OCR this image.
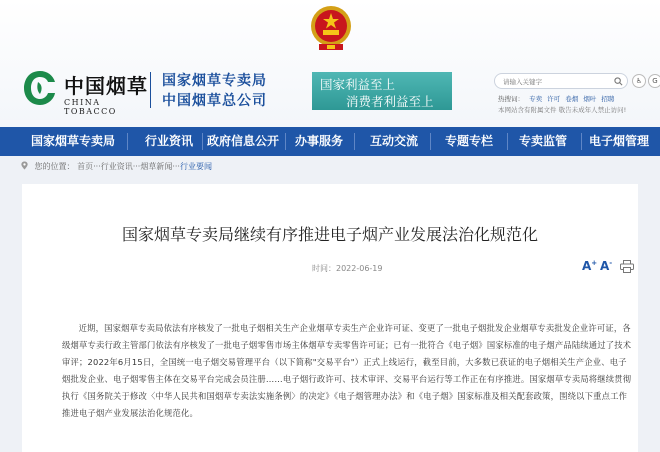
中国烟草
CHINA TOBACCO
国家烟草专卖局
中国烟草总公司
国家利益至上
消费者利益至上
请输入关键字
♿	G
热搜词： 专卖 许可 卷烟 烟叶 招聘
本网站含有附属文件 敬告未成年人禁止访问!
国家烟草专卖局 行业资讯 政府信息公开 办事服务 互动交流 专题专栏 专卖监管 电子烟管理
您的位置： 首页···行业资讯···烟草新闻···行业要闻
国家烟草专卖局继续有序推进电子烟产业发展法治化规范化
时间：2022-06-19	A+ A-
近期，国家烟草专卖局依法有序核发了一批电子烟相关生产企业烟草专卖生产企业许可证、变更了一批电子烟批发企业烟草专卖批发企业许可证，各级烟草专卖行政主管部门依法有序核发了一批电子烟零售市场主体烟草专卖零售许可证；已有一批符合《电子烟》国家标准的电子烟产品陆续通过了技术审评；2022年6月15日，全国统一电子烟交易管理平台（以下简称"交易平台"）正式上线运行，截至目前，大多数已获证的电子烟相关生产企业、电子烟批发企业、电子烟零售主体在交易平台完成会员注册……电子烟行政许可、技术审评、交易平台运行等工作正在有序推进。国家烟草专卖局将继续贯彻执行《国务院关于修改〈中华人民共和国烟草专卖法实施条例〉的决定》《电子烟管理办法》和《电子烟》国家标准及相关配套政策，围绕以下重点工作推进电子烟产业发展法治化规范化。
